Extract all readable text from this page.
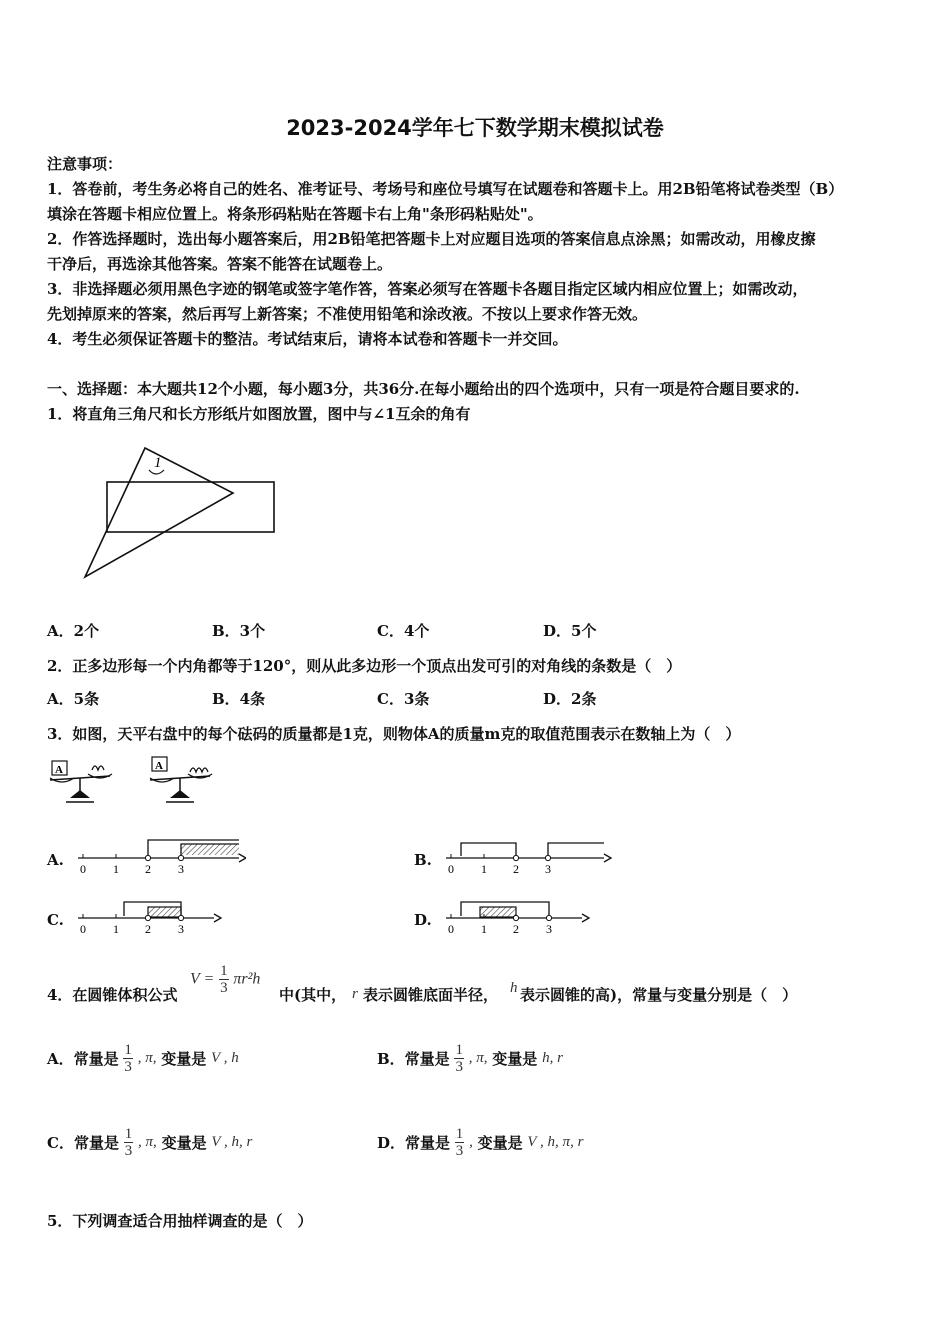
2023-2024学年七下数学期末模拟试卷
注意事项：
1．答卷前，考生务必将自己的姓名、准考证号、考场号和座位号填写在试题卷和答题卡上。用2B铅笔将试卷类型（B）
填涂在答题卡相应位置上。将条形码粘贴在答题卡右上角"条形码粘贴处"。
2．作答选择题时，选出每小题答案后，用2B铅笔把答题卡上对应题目选项的答案信息点涂黑；如需改动，用橡皮擦
干净后，再选涂其他答案。答案不能答在试题卷上。
3．非选择题必须用黑色字迹的钢笔或签字笔作答，答案必须写在答题卡各题目指定区域内相应位置上；如需改动，
先划掉原来的答案，然后再写上新答案；不准使用铅笔和涂改液。不按以上要求作答无效。
4．考生必须保证答题卡的整洁。考试结束后，请将本试卷和答题卡一并交回。
一、选择题：本大题共12个小题，每小题3分，共36分.在每小题给出的四个选项中，只有一项是符合题目要求的.
1．将直角三角尺和长方形纸片如图放置，图中与∠1互余的角有
1
A．2个	B．3个	C．4个	D．5个
2．正多边形每一个内角都等于120°，则从此多边形一个顶点出发可引的对角线的条数是（　）
A．5条	B．4条	C．3条	D．2条
3．如图，天平右盘中的每个砝码的质量都是1克，则物体A的质量m克的取值范围表示在数轴上为（　）
A	A
A. 0 1 2 3	B. 0 1 2 3
C. 0 1 2 3	D. 0 1 2 3
4．在圆锥体积公式
$V = \frac{1}{3} \pi r^2h$
中(其中， r 表示圆锥底面半径， h 表示圆锥的高)，常量与变量分别是（　）
A．常量是 $\frac{1}{3}$ , π, 变量是 V , h	B．常量是 $\frac{1}{3}$ , π, 变量是 h, r
C．常量是 $\frac{1}{3}$ , π, 变量是 V , h, r	D．常量是 $\frac{1}{3}$ , 变量是 V , h, π, r
5．下列调查适合用抽样调查的是（　）
